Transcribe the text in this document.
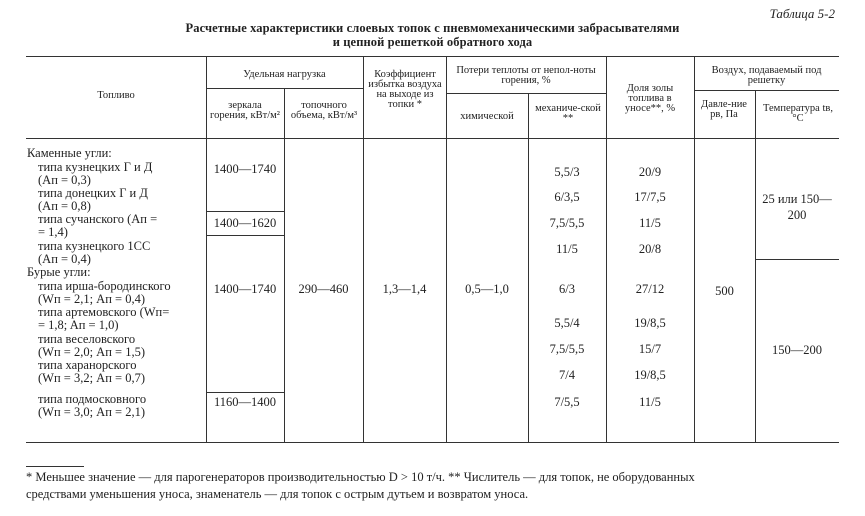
Таблица 5-2
Расчетные характеристики слоевых топок с пневмомеханическими забрасывателями
и цепной решеткой обратного хода
Топливо
Удельная нагрузка
зеркала горения, кВт/м²
топочного объема, кВт/м³
Коэффициент избытка воздуха на выходе из топки *
Потери теплоты от непол-ноты горения, %
химической
механиче-ской **
Доля золы топлива в уносе**, %
Воздух, подаваемый под решетку
Давле-ние pв, Па
Температура tв, °С
Каменные угли:
типа кузнецких Г и Д
(Aп = 0,3)
типа донецких Г и Д
(Aп = 0,8)
типа сучанского (Aп =
= 1,4)
типа кузнецкого 1СС
(Aп = 0,4)
Бурые угли:
типа ирша-бородинского
(Wп = 2,1; Aп = 0,4)
типа артемовского (Wп=
= 1,8; Aп = 1,0)
типа веселовского
(Wп = 2,0; Aп = 1,5)
типа харанорского
(Wп = 3,2; Aп = 0,7)
типа подмосковного
(Wп = 3,0; Aп = 2,1)
1400—1740
1400—1620
1400—1740
1160—1400
290—460	1,3—1,4	0,5—1,0
5,5/3
6/3,5
7,5/5,5
11/5
6/3
5,5/4
7,5/5,5
7/4
7/5,5
20/9
17/7,5
11/5
20/8
27/12
19/8,5
15/7
19/8,5
11/5
500
25 или 150—200
150—200
* Меньшее значение — для парогенераторов производительностью D > 10 т/ч. ** Числитель — для топок, не оборудованных
средствами уменьшения уноса, знаменатель — для топок с острым дутьем и возвратом уноса.
